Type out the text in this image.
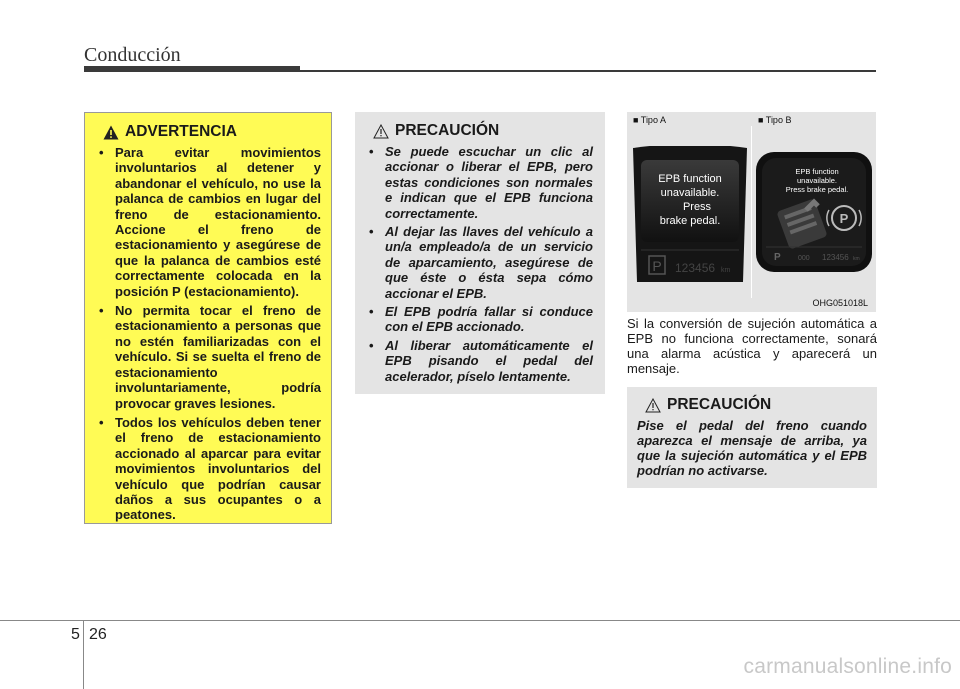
Conducción
ADVERTENCIA
• Para evitar movimientos involuntarios al detener y abandonar el vehículo, no use la palanca de cambios en lugar del freno de estacionamiento. Accione el freno de estacionamiento y asegúrese de que la palanca de cambios esté correctamente colocada en la posición P (estacionamiento).
• No permita tocar el freno de estacionamiento a personas que no estén familiarizadas con el vehículo. Si se suelta el freno de estacionamiento involuntariamente, podría provocar graves lesiones.
• Todos los vehículos deben tener el freno de estacionamiento accionado al aparcar para evitar movimientos involuntarios del vehículo que podrían causar daños a sus ocupantes o a peatones.
PRECAUCIÓN
• Se puede escuchar un clic al accionar o liberar el EPB, pero estas condiciones son normales e indican que el EPB funciona correctamente.
• Al dejar las llaves del vehículo a un/a empleado/a de un servicio de aparcamiento, asegúrese de que éste o ésta sepa cómo accionar el EPB.
• El EPB podría fallar si conduce con el EPB accionado.
• Al liberar automáticamente el EPB pisando el pedal del acelerador, píselo lentamente.
■ Tipo A	■ Tipo B
EPB function
unavailable.
Press
brake pedal.
P 123456 km
EPB function
unavailable.
Press brake pedal.
P
P 000 123456 km
OHG051018L

Si la conversión de sujeción automática a EPB no funciona correctamente, sonará una alarma acústica y aparecerá un mensaje.

PRECAUCIÓN
Pise el pedal del freno cuando aparezca el mensaje de arriba, ya que la sujeción automática y el EPB podrían no activarse.
5 26
carmanualsonline.info
